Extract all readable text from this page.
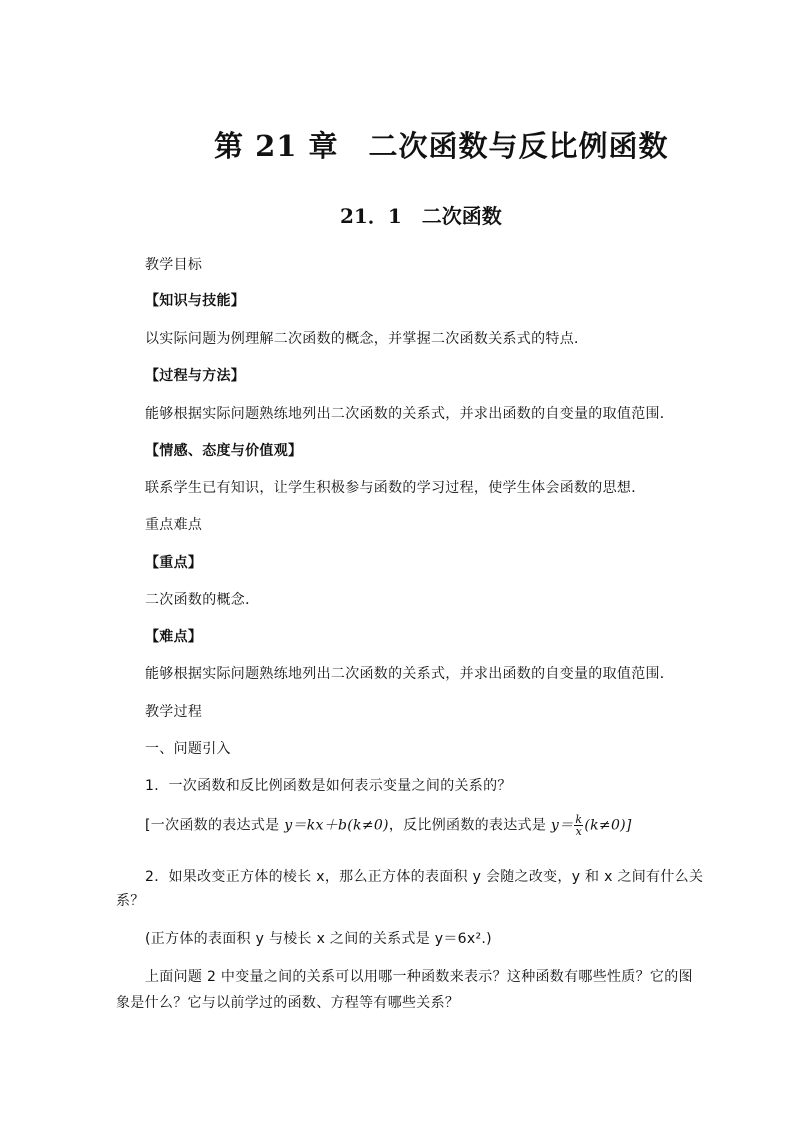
第 21 章　二次函数与反比例函数
21．1　二次函数
教学目标
【知识与技能】
以实际问题为例理解二次函数的概念，并掌握二次函数关系式的特点．
【过程与方法】
能够根据实际问题熟练地列出二次函数的关系式，并求出函数的自变量的取值范围．
【情感、态度与价值观】
联系学生已有知识，让学生积极参与函数的学习过程，使学生体会函数的思想．
重点难点
【重点】
二次函数的概念．
【难点】
能够根据实际问题熟练地列出二次函数的关系式，并求出函数的自变量的取值范围．
教学过程
一、问题引入
1．一次函数和反比例函数是如何表示变量之间的关系的？
[一次函数的表达式是 y＝kx＋b(k≠0)，反比例函数的表达式是 $y= \frac{k}{x} (k\ne 0)$]
2．如果改变正方体的棱长 x，那么正方体的表面积 y 会随之改变，y 和 x 之间有什么关
系？
(正方体的表面积 y 与棱长 x 之间的关系式是 y＝6x².)
上面问题 2 中变量之间的关系可以用哪一种函数来表示？这种函数有哪些性质？它的图
象是什么？它与以前学过的函数、方程等有哪些关系？
